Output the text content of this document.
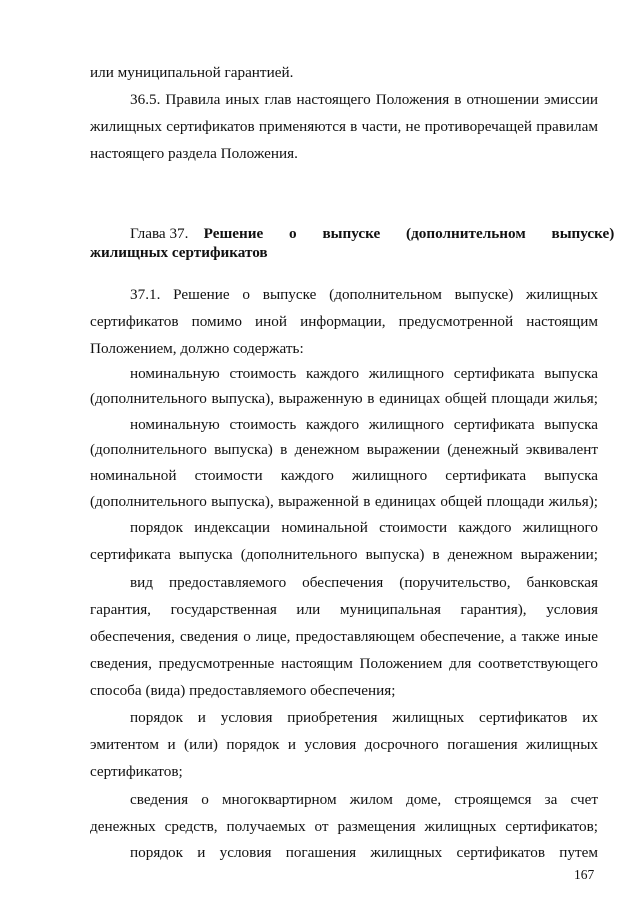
или муниципальной гарантией.
36.5. Правила иных глав настоящего Положения в отношении эмиссии
жилищных сертификатов применяются в части, не противоречащей правилам
настоящего раздела Положения.
Глава 37.  Решение о выпуске (дополнительном выпуске)
жилищных сертификатов
37.1. Решение о выпуске (дополнительном выпуске) жилищных
сертификатов помимо иной информации, предусмотренной настоящим
Положением, должно содержать:
номинальную стоимость каждого жилищного сертификата выпуска
(дополнительного выпуска), выраженную в единицах общей площади жилья;
номинальную стоимость каждого жилищного сертификата выпуска
(дополнительного выпуска) в денежном выражении (денежный эквивалент
номинальной стоимости каждого жилищного сертификата выпуска
(дополнительного выпуска), выраженной в единицах общей площади жилья);
порядок индексации номинальной стоимости каждого жилищного
сертификата выпуска (дополнительного выпуска) в денежном выражении;
вид предоставляемого обеспечения (поручительство, банковская
гарантия, государственная или муниципальная гарантия), условия
обеспечения, сведения о лице, предоставляющем обеспечение, а также иные
сведения, предусмотренные настоящим Положением для соответствующего
способа (вида) предоставляемого обеспечения;
порядок и условия приобретения жилищных сертификатов их
эмитентом и (или) порядок и условия досрочного погашения жилищных
сертификатов;
сведения о многоквартирном жилом доме, строящемся за счет
денежных средств, получаемых от размещения жилищных сертификатов;
порядок и условия погашения жилищных сертификатов путем
167
